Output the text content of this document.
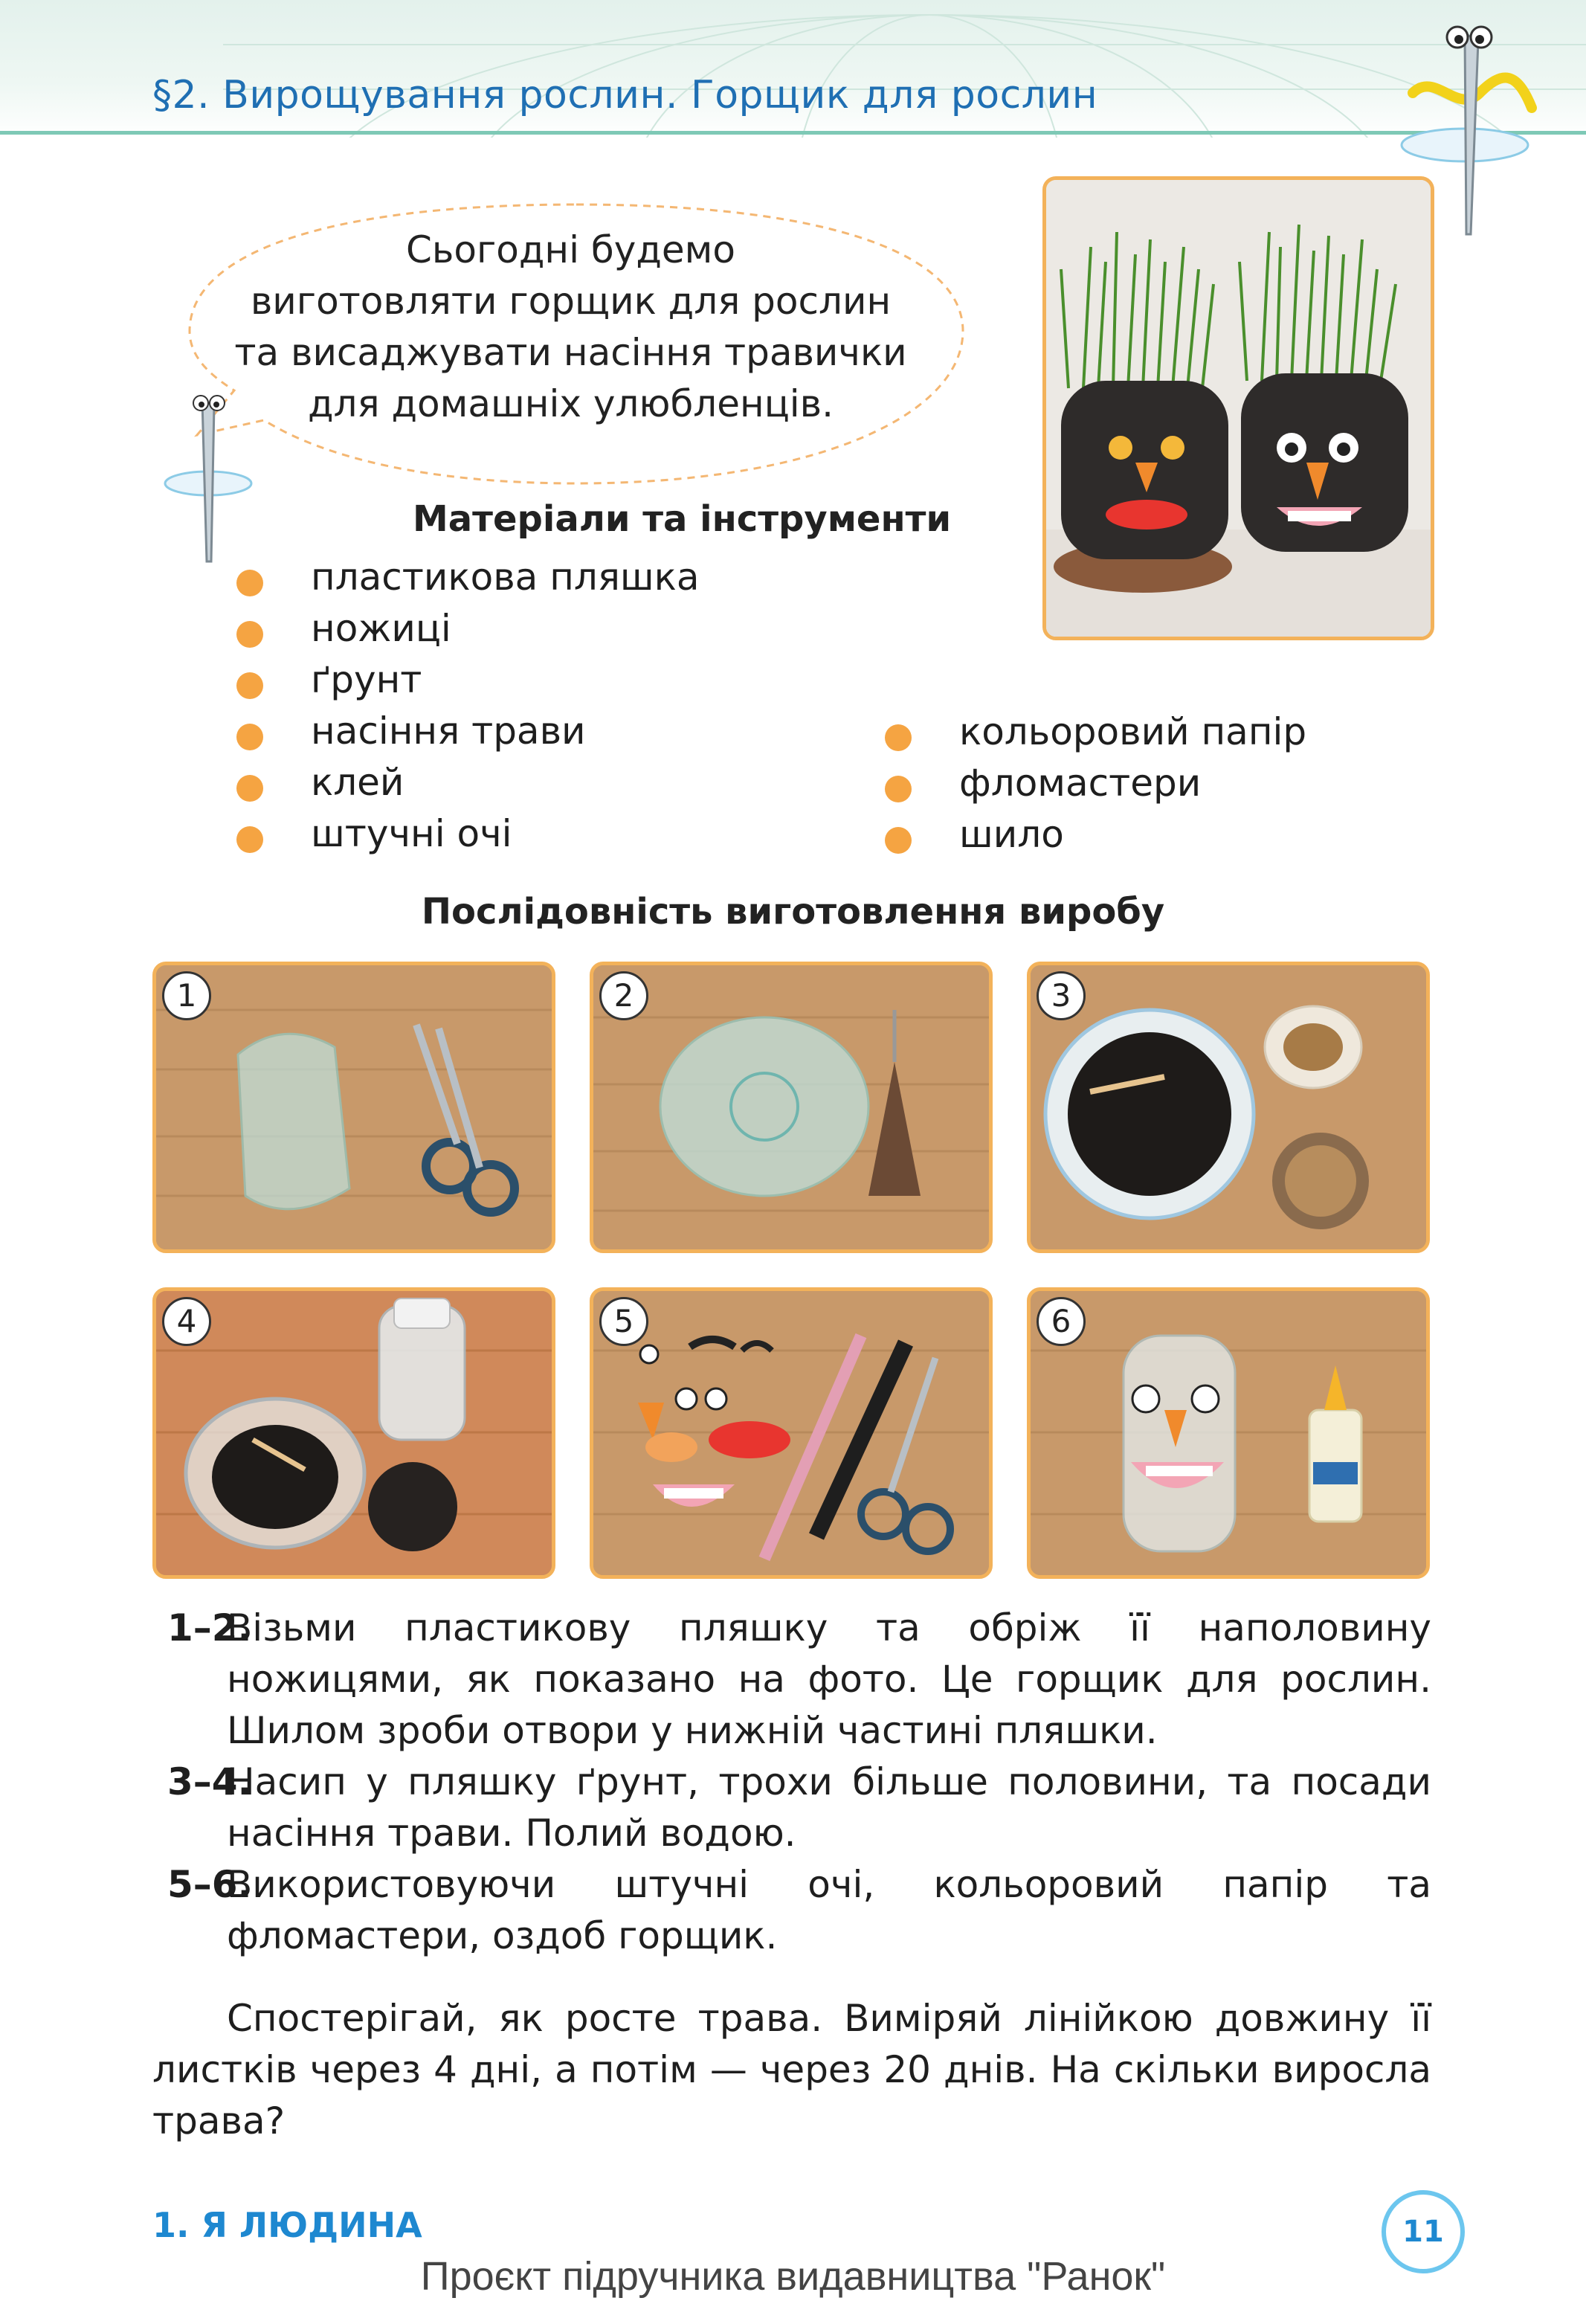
§2. Вирощування рослин. Горщик для рослин
Сьогодні будемо
виготовляти горщик для рослин
та висаджувати насіння травички
для домашніх улюбленців.
Матеріали та інструменти
пластикова пляшка
ножиці
ґрунт
насіння трави
клей
штучні очі
кольоровий папір
фломастери
шило
Послідовність виготовлення виробу
1	2	3
4	5	6
1–2.
Візьми пластикову пляшку та обріж її наполовину ножицями, як показано на фото. Це горщик для рослин. Шилом зроби отвори у нижній частині пляшки.
3–4.
Насип у пляшку ґрунт, трохи більше половини, та посади насіння трави. Полий водою.
5–6.
Використовуючи штучні очі, кольоровий папір та фломастери, оздоб горщик.
Спостерігай, як росте трава. Виміряй лінійкою довжину її листків через 4 дні, а потім — через 20 днів. На скільки виросла трава?
1. Я ЛЮДИНА	11
Проєкт підручника видавництва "Ранок"
